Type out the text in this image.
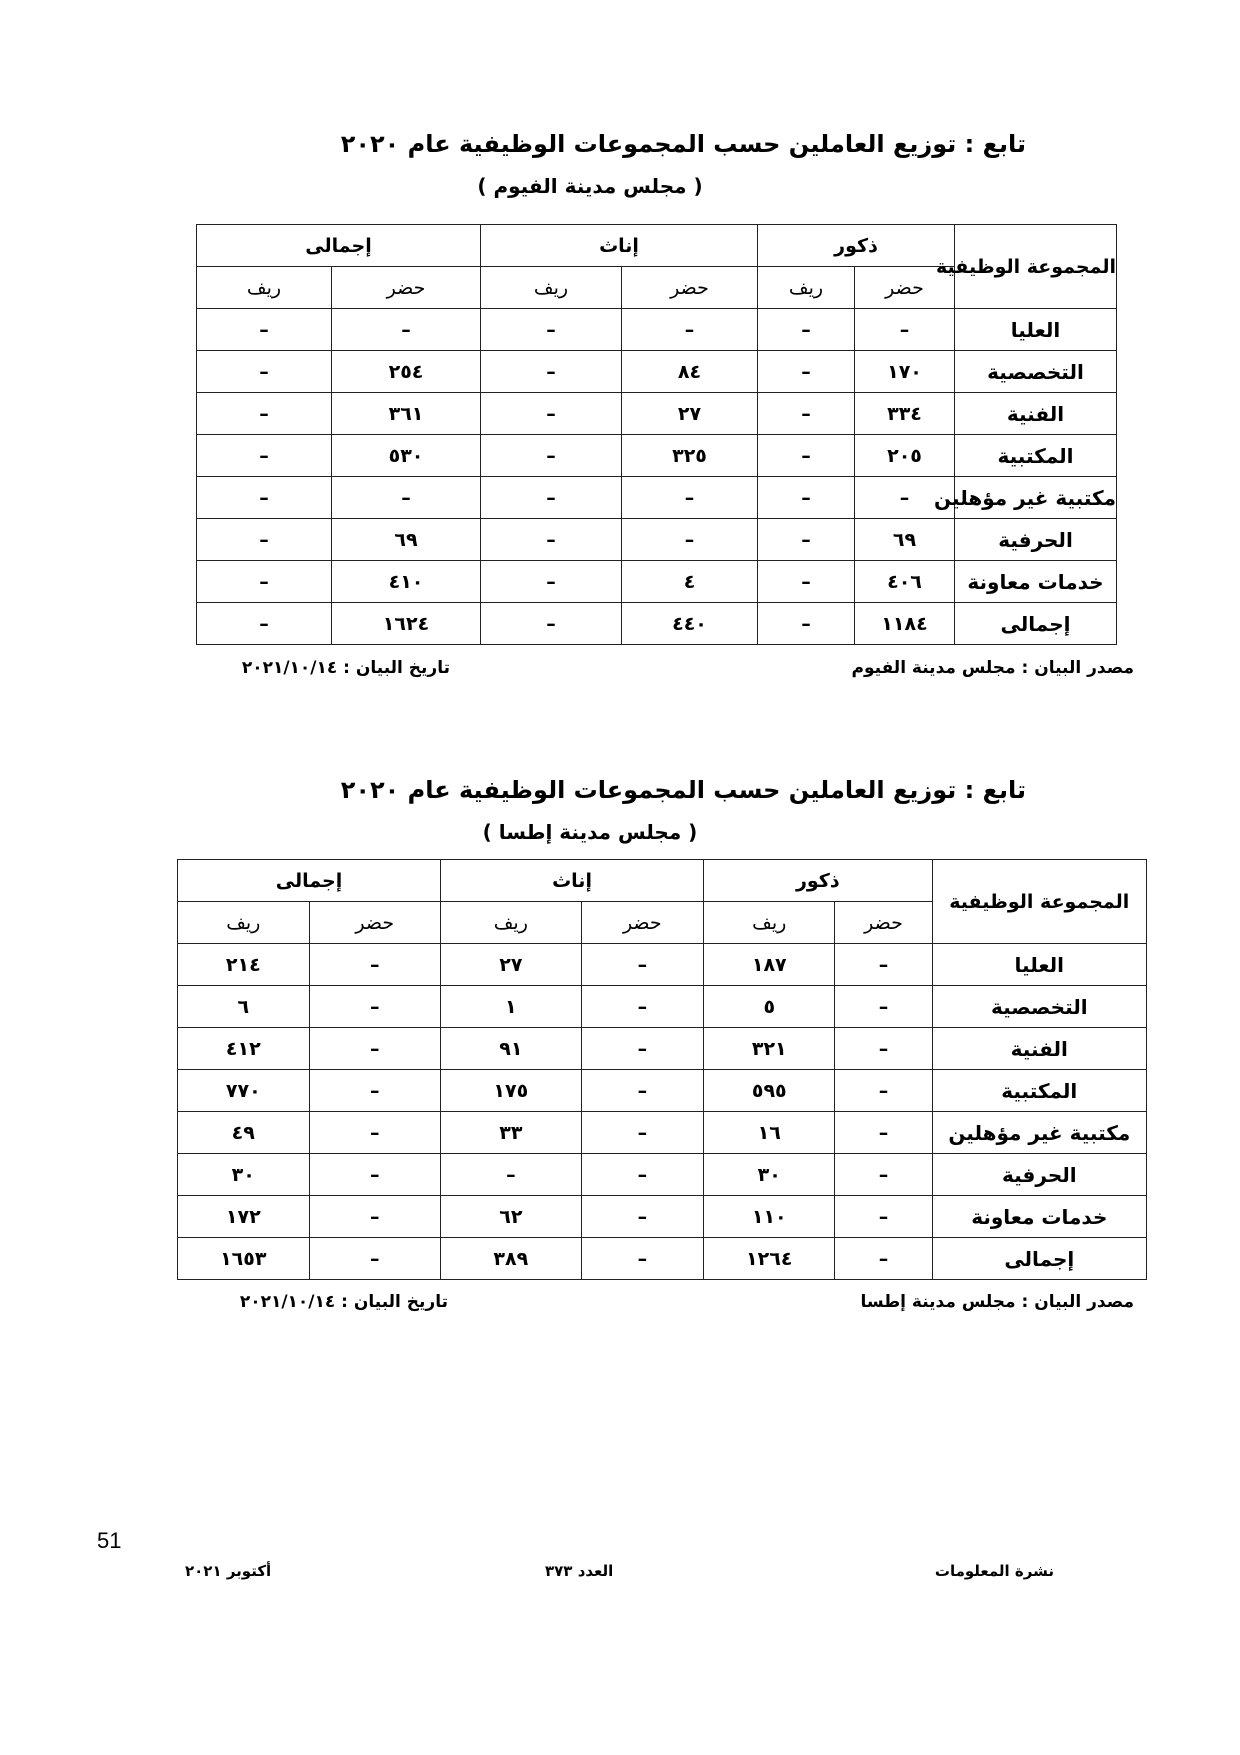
تابع : توزيع العاملين حسب المجموعات الوظيفية عام ٢٠٢٠
( مجلس مدينة الفيوم )
المجموعة الوظيفية	ذكور		إناث		إجمالى	
	حضر	ريف	حضر	ريف	حضر	ريف
العليا	–	–	–	–	–	–
التخصصية	١٧٠	–	٨٤	–	٢٥٤	–
الفنية	٣٣٤	–	٢٧	–	٣٦١	–
المكتبية	٢٠٥	–	٣٢٥	–	٥٣٠	–
مكتبية غير مؤهلين	–	–	–	–	–	–
الحرفية	٦٩	–	–	–	٦٩	–
خدمات معاونة	٤٠٦	–	٤	–	٤١٠	–
إجمالى	١١٨٤	–	٤٤٠	–	١٦٢٤	–
مصدر البيان : مجلس مدينة الفيوم
تاريخ البيان : ٢٠٢١/١٠/١٤
تابع : توزيع العاملين حسب المجموعات الوظيفية عام ٢٠٢٠
( مجلس مدينة إطسا )
المجموعة الوظيفية	ذكور		إناث		إجمالى	
	حضر	ريف	حضر	ريف	حضر	ريف
العليا	–	١٨٧	–	٢٧	–	٢١٤
التخصصية	–	٥	–	١	–	٦
الفنية	–	٣٢١	–	٩١	–	٤١٢
المكتبية	–	٥٩٥	–	١٧٥	–	٧٧٠
مكتبية غير مؤهلين	–	١٦	–	٣٣	–	٤٩
الحرفية	–	٣٠	–	–	–	٣٠
خدمات معاونة	–	١١٠	–	٦٢	–	١٧٢
إجمالى	–	١٢٦٤	–	٣٨٩	–	١٦٥٣
مصدر البيان : مجلس مدينة إطسا
تاريخ البيان : ٢٠٢١/١٠/١٤
51
نشرة المعلومات
العدد ٣٧٣
أكتوبر ٢٠٢١
